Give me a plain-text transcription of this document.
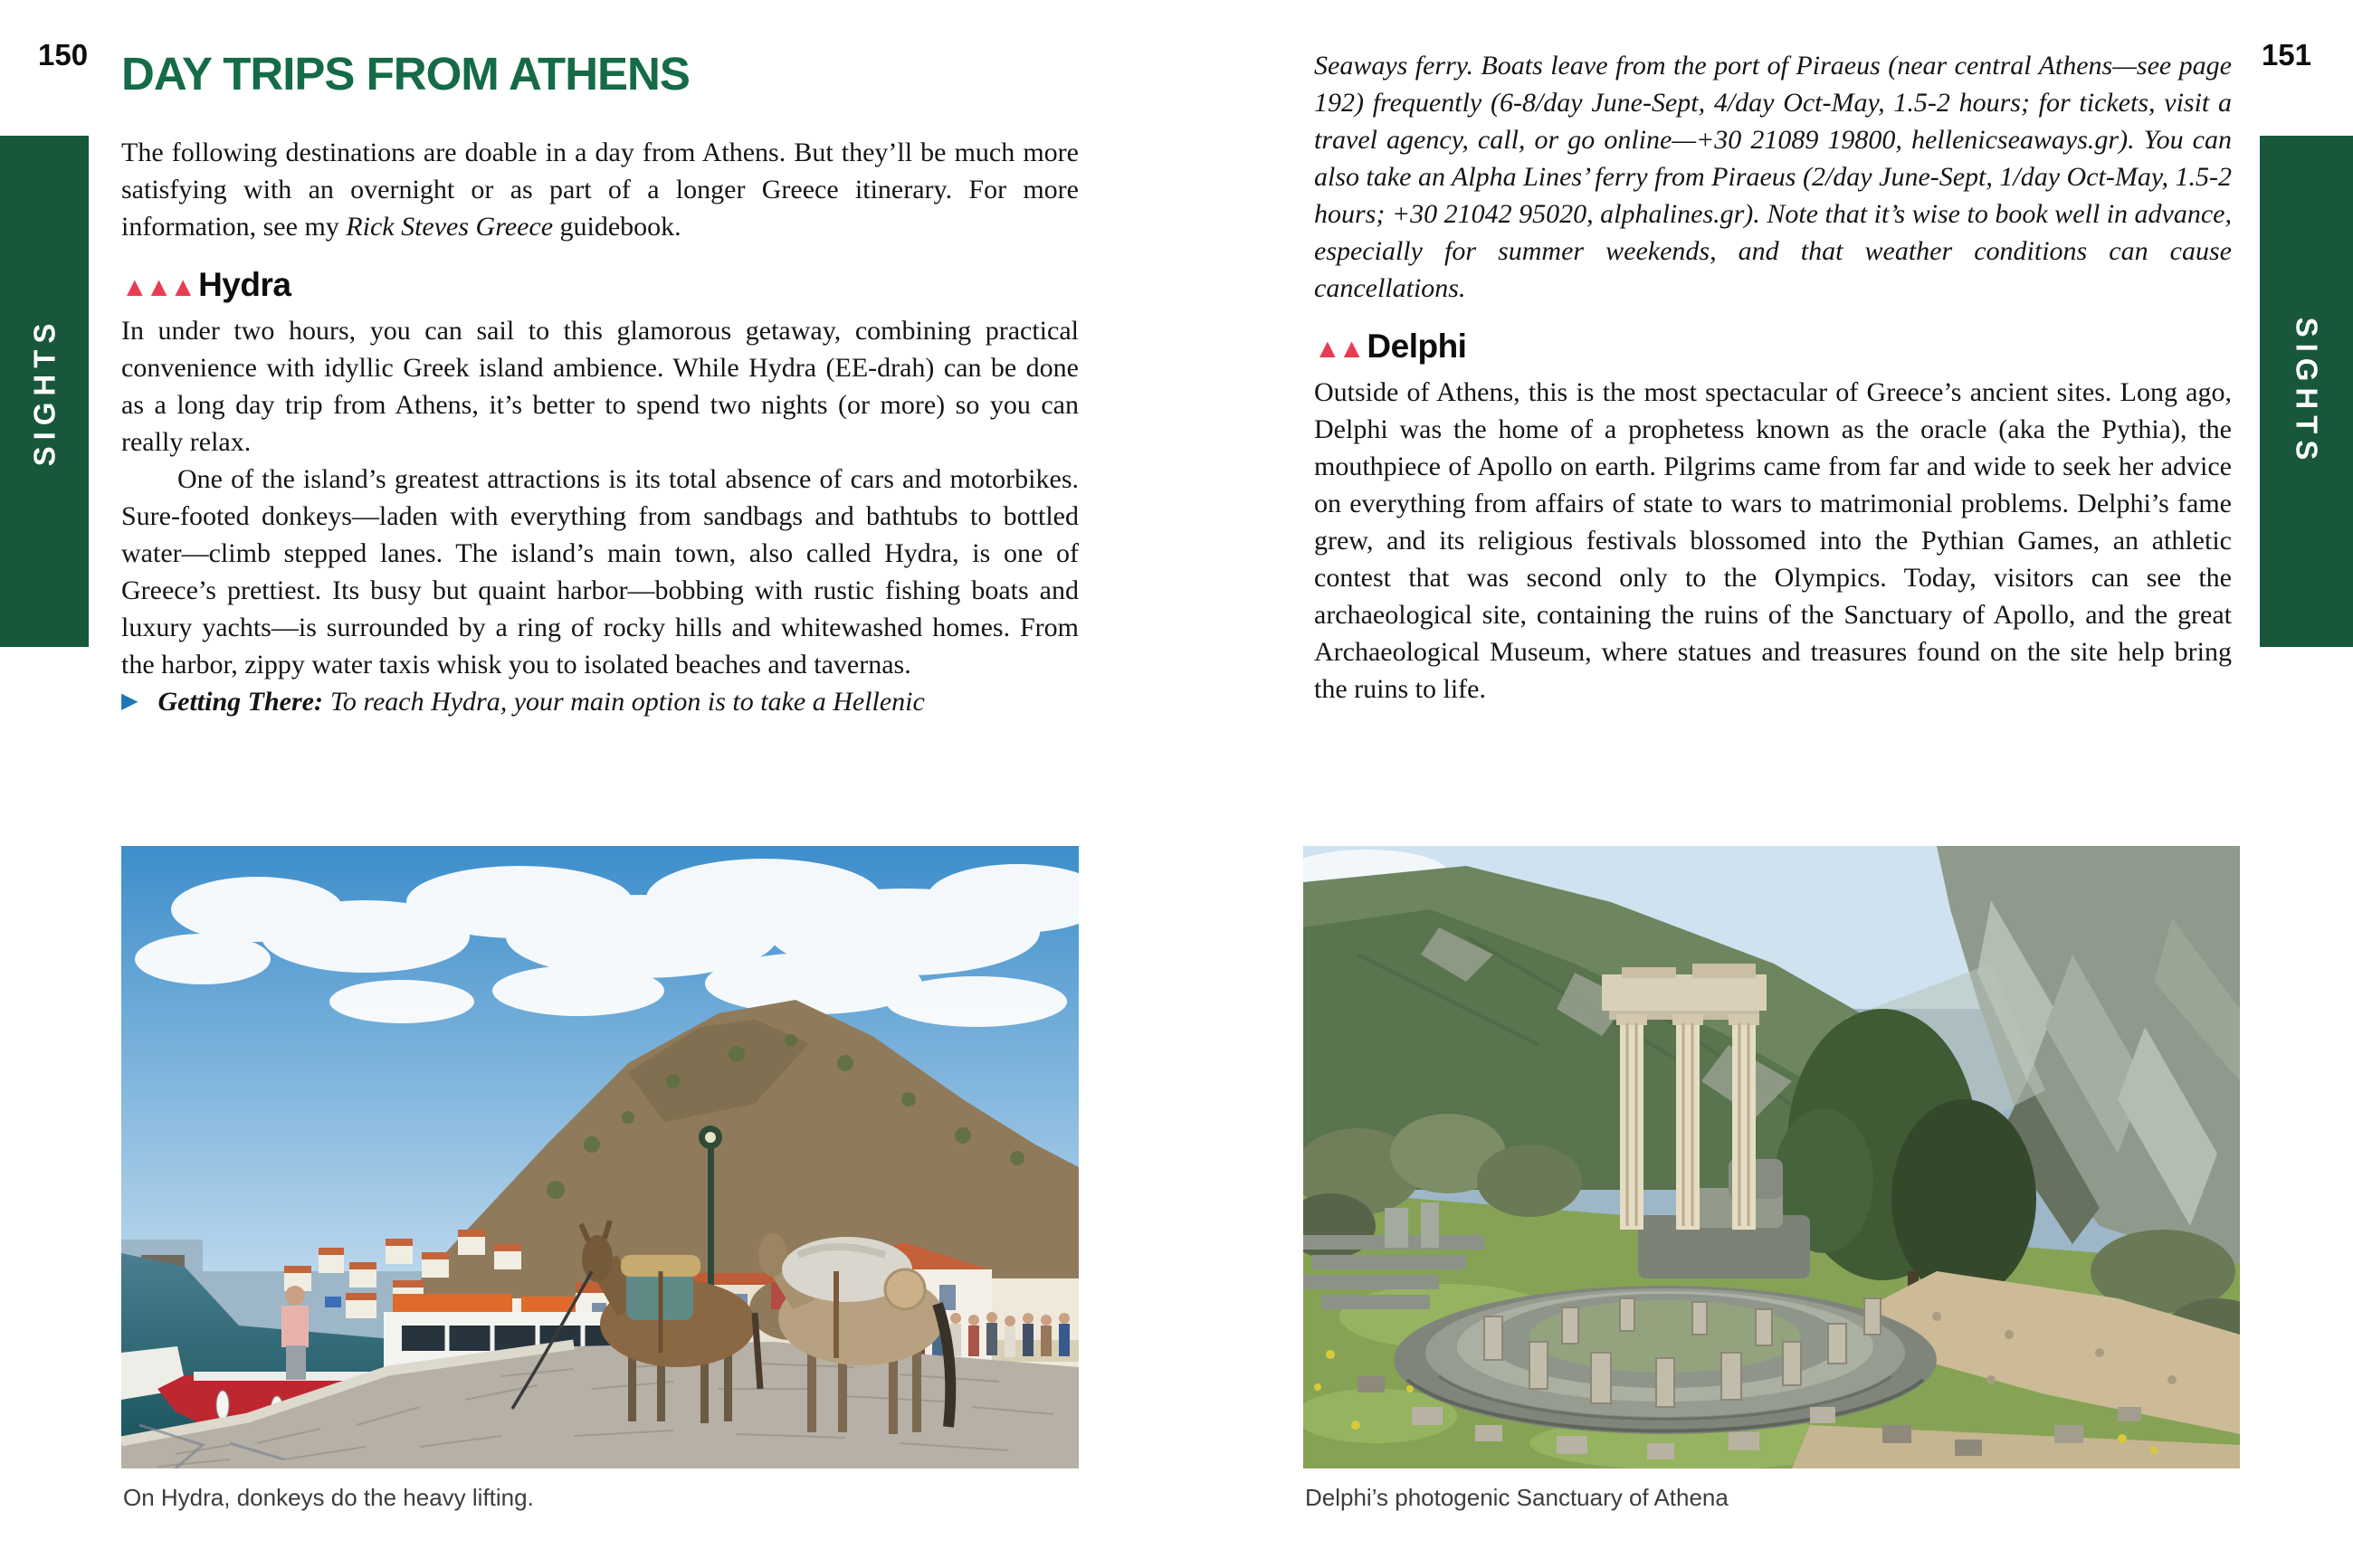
150	151
DAY TRIPS FROM ATHENS
SIGHTS	SIGHTS

The following destinations are doable in a day from Athens. But they’ll be much more satisfying with an overnight or as part of a longer Greece itinerary. For more information, see my Rick Steves Greece guidebook.

▲▲▲ Hydra

In under two hours, you can sail to this glamorous getaway, combining practical convenience with idyllic Greek island ambience. While Hydra (EE-drah) can be done as a long day trip from Athens, it’s better to spend two nights (or more) so you can really relax.

One of the island’s greatest attractions is its total absence of cars and motorbikes. Sure-footed donkeys—laden with everything from sandbags and bathtubs to bottled water—climb stepped lanes. The island’s main town, also called Hydra, is one of Greece’s prettiest. Its busy but quaint harbor—bobbing with rustic fishing boats and luxury yachts—is surrounded by a ring of rocky hills and whitewashed homes. From the harbor, zippy water taxis whisk you to isolated beaches and tavernas.

▶ Getting There: To reach Hydra, your main option is to take a Hellenic

Seaways ferry. Boats leave from the port of Piraeus (near central Athens—see page 192) frequently (6-8/day June-Sept, 4/day Oct-May, 1.5-2 hours; for tickets, visit a travel agency, call, or go online—+30 21089 19800, hellenicseaways.gr). You can also take an Alpha Lines’ ferry from Piraeus (2/day June-Sept, 1/day Oct-May, 1.5-2 hours; +30 21042 95020, alphalines.gr). Note that it’s wise to book well in advance, especially for summer weekends, and that weather conditions can cause cancellations.

▲▲ Delphi

Outside of Athens, this is the most spectacular of Greece’s ancient sites. Long ago, Delphi was the home of a prophetess known as the oracle (aka the Pythia), the mouthpiece of Apollo on earth. Pilgrims came from far and wide to seek her advice on everything from affairs of state to wars to matrimonial problems. Delphi’s fame grew, and its religious festivals blossomed into the Pythian Games, an athletic contest that was second only to the Olympics. Today, visitors can see the archaeological site, containing the ruins of the Sanctuary of Apollo, and the great Archaeological Museum, where statues and treasures found on the site help bring the ruins to life.

On Hydra, donkeys do the heavy lifting.	Delphi’s photogenic Sanctuary of Athena
